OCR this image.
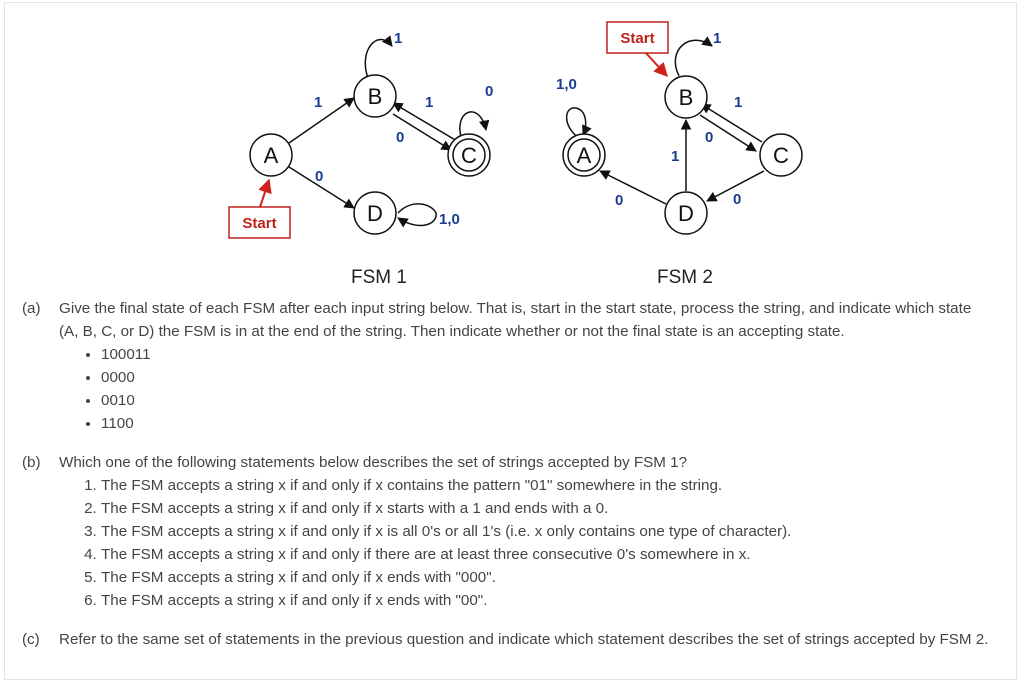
Start
A
B
C
D
1
1
1
0
0
0
1,0
FSM 1
Start
A
B
C
D
1,0
1
1
0
1
0	0
FSM 2
(a) Give the final state of each FSM after each input string below. That is, start in the start state, process the string, and indicate which state (A, B, C, or D) the FSM is in at the end of the string. Then indicate whether or not the final state is an accepting state.
• 100011
• 0000
• 0010
• 1100
(b) Which one of the following statements below describes the set of strings accepted by FSM 1?
1. The FSM accepts a string x if and only if x contains the pattern "01" somewhere in the string.
2. The FSM accepts a string x if and only if x starts with a 1 and ends with a 0.
3. The FSM accepts a string x if and only if x is all 0's or all 1's (i.e. x only contains one type of character).
4. The FSM accepts a string x if and only if there are at least three consecutive 0's somewhere in x.
5. The FSM accepts a string x if and only if x ends with "000".
6. The FSM accepts a string x if and only if x ends with "00".
(c) Refer to the same set of statements in the previous question and indicate which statement describes the set of strings accepted by FSM 2.
